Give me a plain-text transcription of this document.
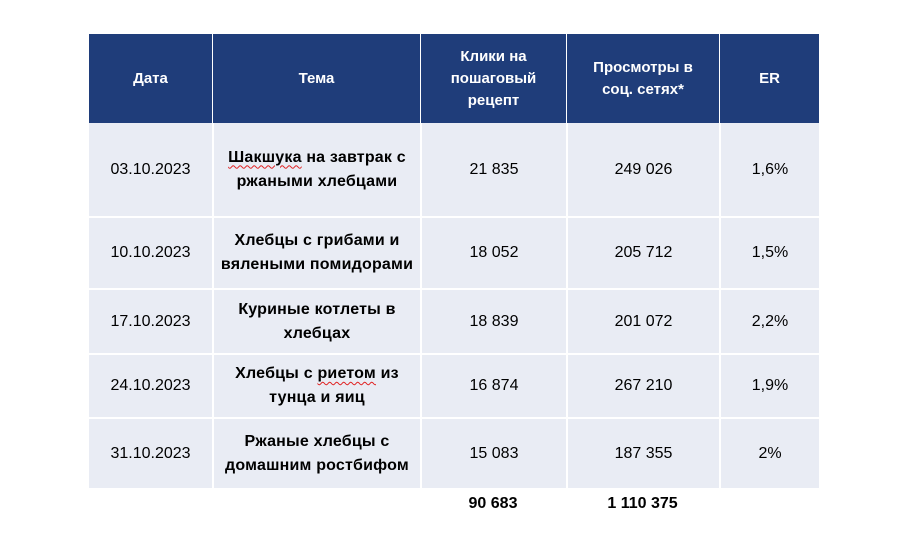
Дата	Тема	Клики на
пошаговый
рецепт	Просмотры в
соц. сетях*	ER
03.10.2023	Шакшука на завтрак с
ржаными хлебцами	21 835	249 026	1,6%
10.10.2023	Хлебцы с грибами и
вялеными помидорами	18 052	205 712	1,5%
17.10.2023	Куриные котлеты в
хлебцах	18 839	201 072	2,2%
24.10.2023	Хлебцы с риетом из
тунца и яиц	16 874	267 210	1,9%
31.10.2023	Ржаные хлебцы с
домашним ростбифом	15 083	187 355	2%
		90 683	1 110 375	
